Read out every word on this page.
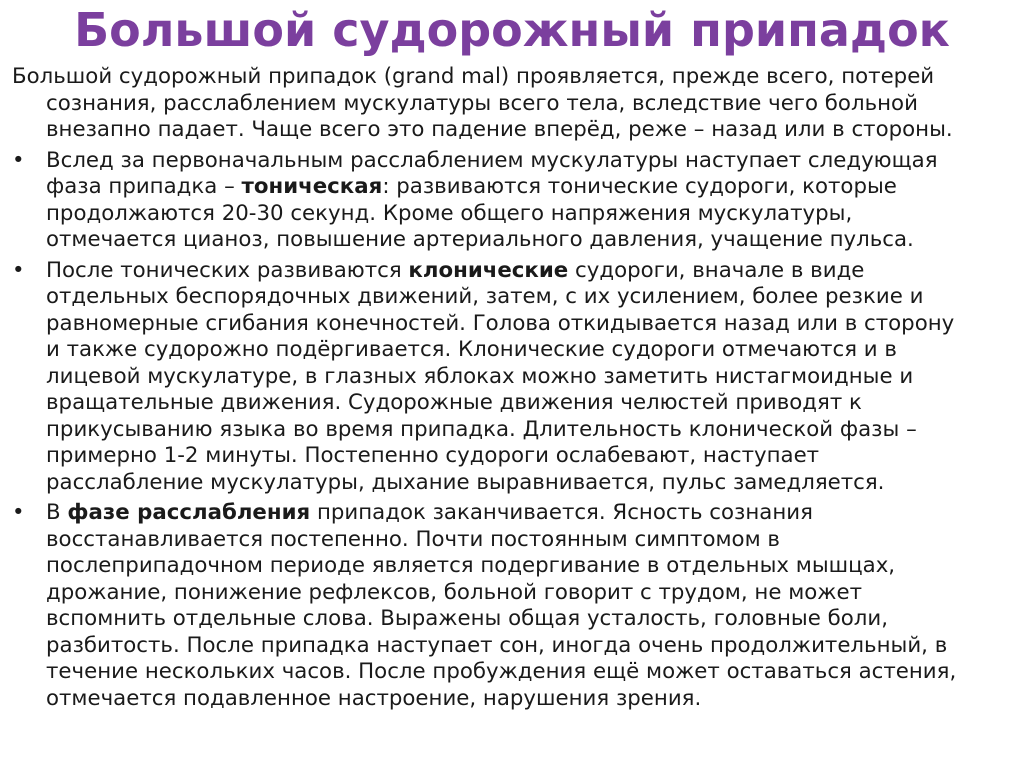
Большой судорожный припадок

Большой судорожный припадок (grand mal) проявляется, прежде всего, потерей
сознания, расслаблением мускулатуры всего тела, вследствие чего больной
внезапно падает. Чаще всего это падение вперёд, реже – назад или в стороны.

•	Вслед за первоначальным расслаблением мускулатуры наступает следующая
фаза припадка – тоническая: развиваются тонические судороги, которые
продолжаются 20-30 секунд. Кроме общего напряжения мускулатуры,
отмечается цианоз, повышение артериального давления, учащение пульса.
•	После тонических развиваются клонические судороги, вначале в виде
отдельных беспорядочных движений, затем, с их усилением, более резкие и
равномерные сгибания конечностей. Голова откидывается назад или в сторону
и также судорожно подёргивается. Клонические судороги отмечаются и в
лицевой мускулатуре, в глазных яблоках можно заметить нистагмоидные и
вращательные движения. Судорожные движения челюстей приводят к
прикусыванию языка во время припадка. Длительность клонической фазы –
примерно 1-2 минуты. Постепенно судороги ослабевают, наступает
расслабление мускулатуры, дыхание выравнивается, пульс замедляется.
•	В фазе расслабления припадок заканчивается. Ясность сознания
восстанавливается постепенно. Почти постоянным симптомом в
послеприпадочном периоде является подергивание в отдельных мышцах,
дрожание, понижение рефлексов, больной говорит с трудом, не может
вспомнить отдельные слова. Выражены общая усталость, головные боли,
разбитость. После припадка наступает сон, иногда очень продолжительный, в
течение нескольких часов. После пробуждения ещё может оставаться астения,
отмечается подавленное настроение, нарушения зрения.
